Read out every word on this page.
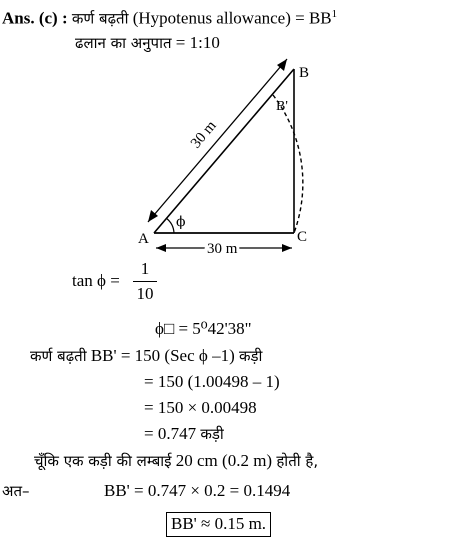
Ans. (c) : कर्ण बढ़ती (Hypotenus allowance) = $BB^1$
ढलान का अनुपात = 1:10
A
B
B'
C
ϕ
30 m
30 m
$\tan \phi = \frac{1}{10}$
ϕ□ = 5⁰42'38"
कर्ण बढ़ती BB' = 150 (Sec ϕ –1) कड़ी
= 150 (1.00498 – 1)
= 150 × 0.00498
= 0.747 कड़ी
चूँकि एक कड़ी की लम्बाई 20 cm (0.2 m) होती है,
अत–	BB' = 0.747 × 0.2 = 0.1494
BB' ≈ 0.15 m.
